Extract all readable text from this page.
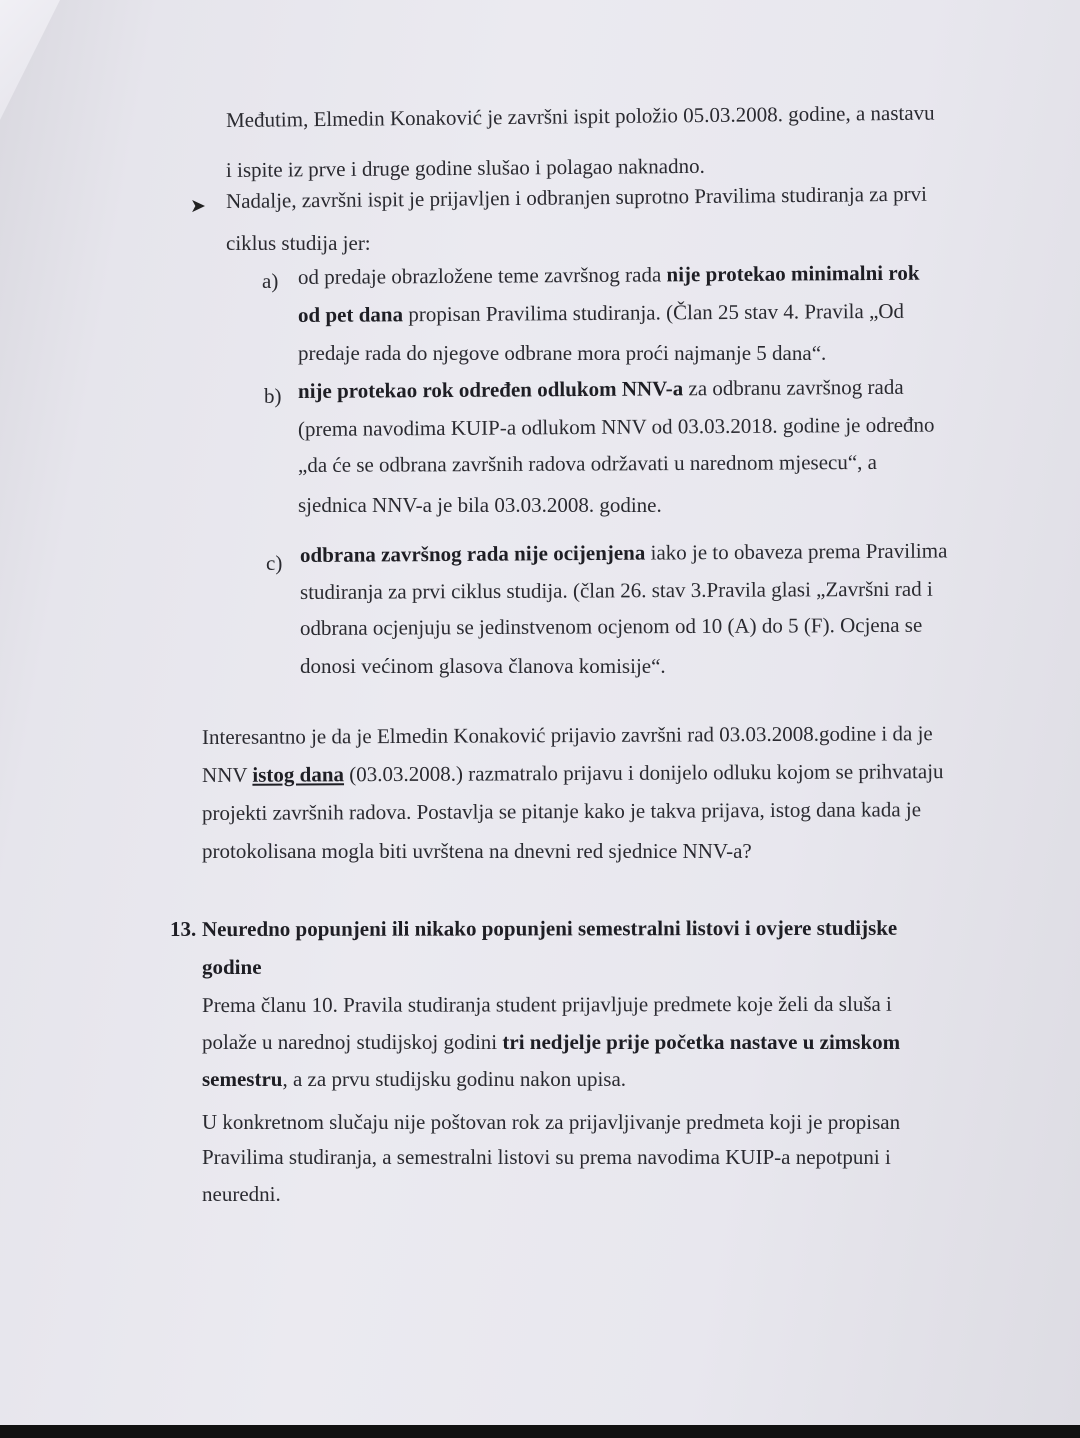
Međutim, Elmedin Konaković je završni ispit položio 05.03.2008. godine, a nastavu
i ispite iz prve i druge godine slušao i polagao naknadno.
➤ Nadalje, završni ispit je prijavljen i odbranjen suprotno Pravilima studiranja za prvi
ciklus studija jer:
a) od predaje obrazložene teme završnog rada nije protekao minimalni rok
od pet dana propisan Pravilima studiranja. (Član 25 stav 4. Pravila „Od
predaje rada do njegove odbrane mora proći najmanje 5 dana“.
b) nije protekao rok određen odlukom NNV-a za odbranu završnog rada
(prema navodima KUIP-a odlukom NNV od 03.03.2018. godine je određno
„da će se odbrana završnih radova održavati u narednom mjesecu“, a
sjednica NNV-a je bila 03.03.2008. godine.
c) odbrana završnog rada nije ocijenjena iako je to obaveza prema Pravilima
studiranja za prvi ciklus studija. (član 26. stav 3.Pravila glasi „Završni rad i
odbrana ocjenjuju se jedinstvenom ocjenom od 10 (A) do 5 (F). Ocjena se
donosi većinom glasova članova komisije“.
Interesantno je da je Elmedin Konaković prijavio završni rad 03.03.2008.godine i da je
NNV istog dana (03.03.2008.) razmatralo prijavu i donijelo odluku kojom se prihvataju
projekti završnih radova. Postavlja se pitanje kako je takva prijava, istog dana kada je
protokolisana mogla biti uvrštena na dnevni red sjednice NNV-a?
13. Neuredno popunjeni ili nikako popunjeni semestralni listovi i ovjere studijske
godine
Prema članu 10. Pravila studiranja student prijavljuje predmete koje želi da sluša i
polaže u narednoj studijskoj godini tri nedjelje prije početka nastave u zimskom
semestru, a za prvu studijsku godinu nakon upisa.
U konkretnom slučaju nije poštovan rok za prijavljivanje predmeta koji je propisan
Pravilima studiranja, a semestralni listovi su prema navodima KUIP-a nepotpuni i
neuredni.
